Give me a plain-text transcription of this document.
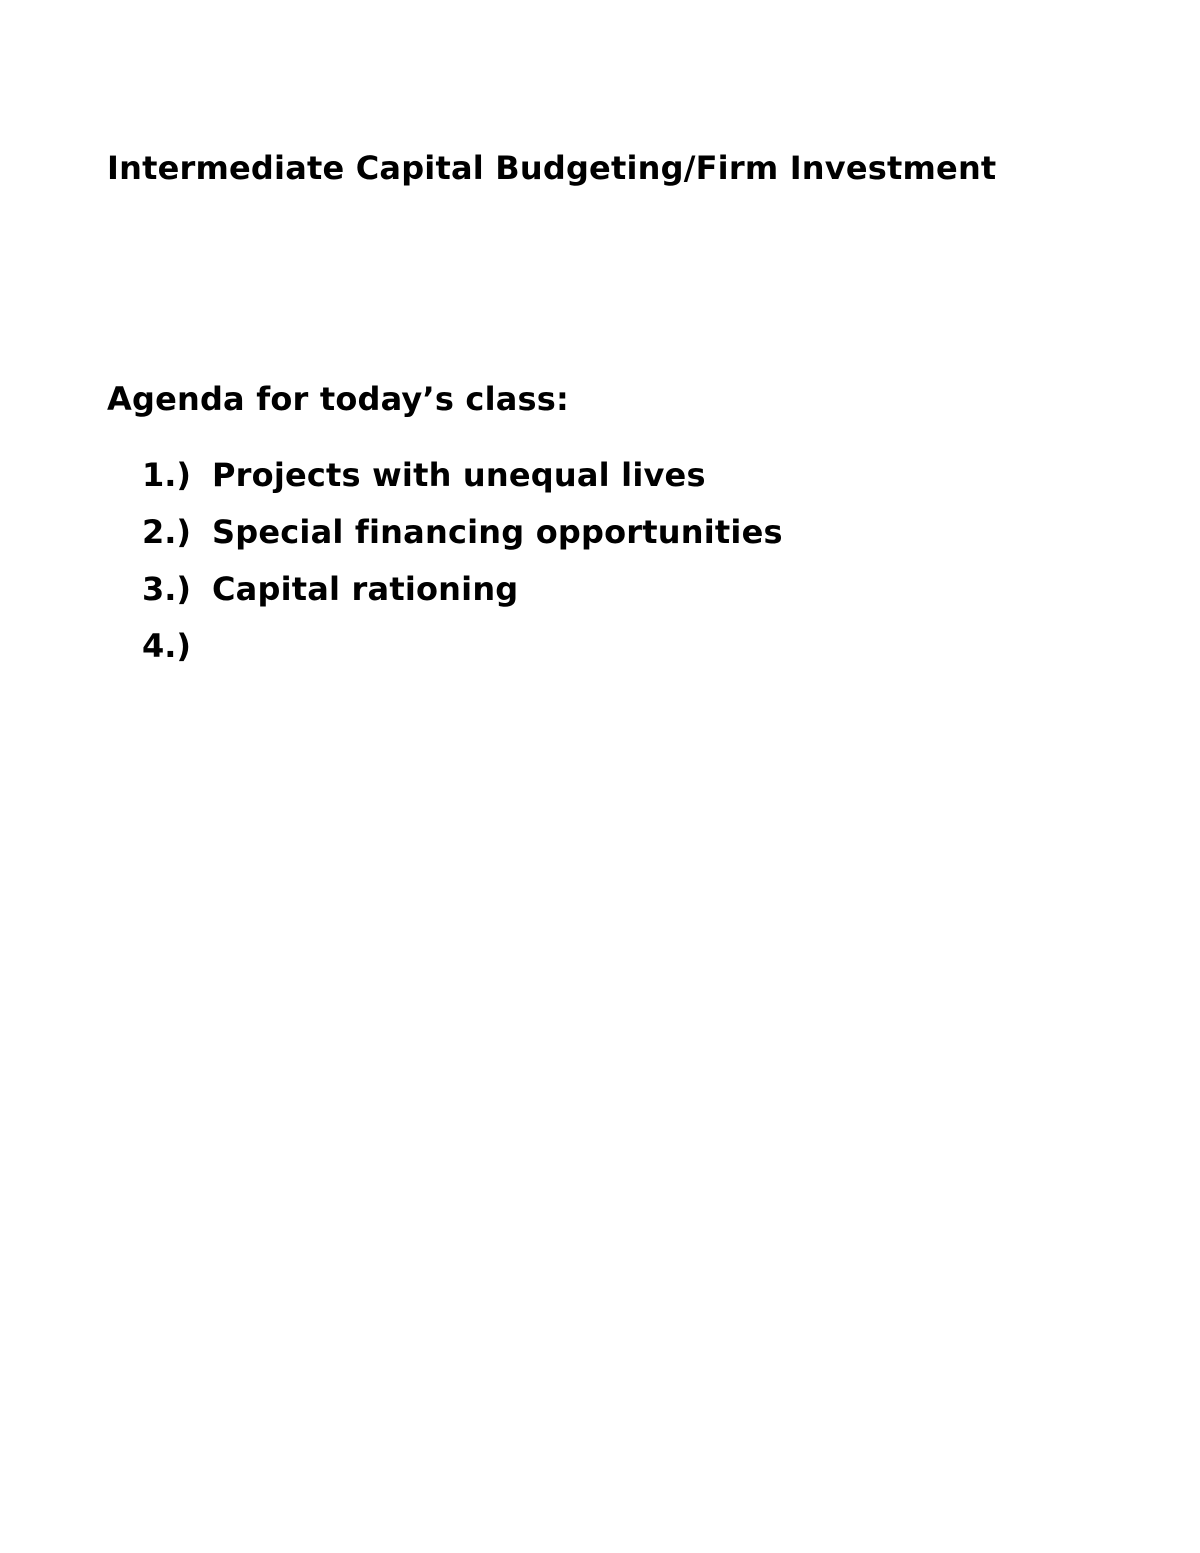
Intermediate Capital Budgeting/Firm Investment
Agenda for today’s class:
1.) Projects with unequal lives
2.) Special financing opportunities
3.) Capital rationing
4.)
